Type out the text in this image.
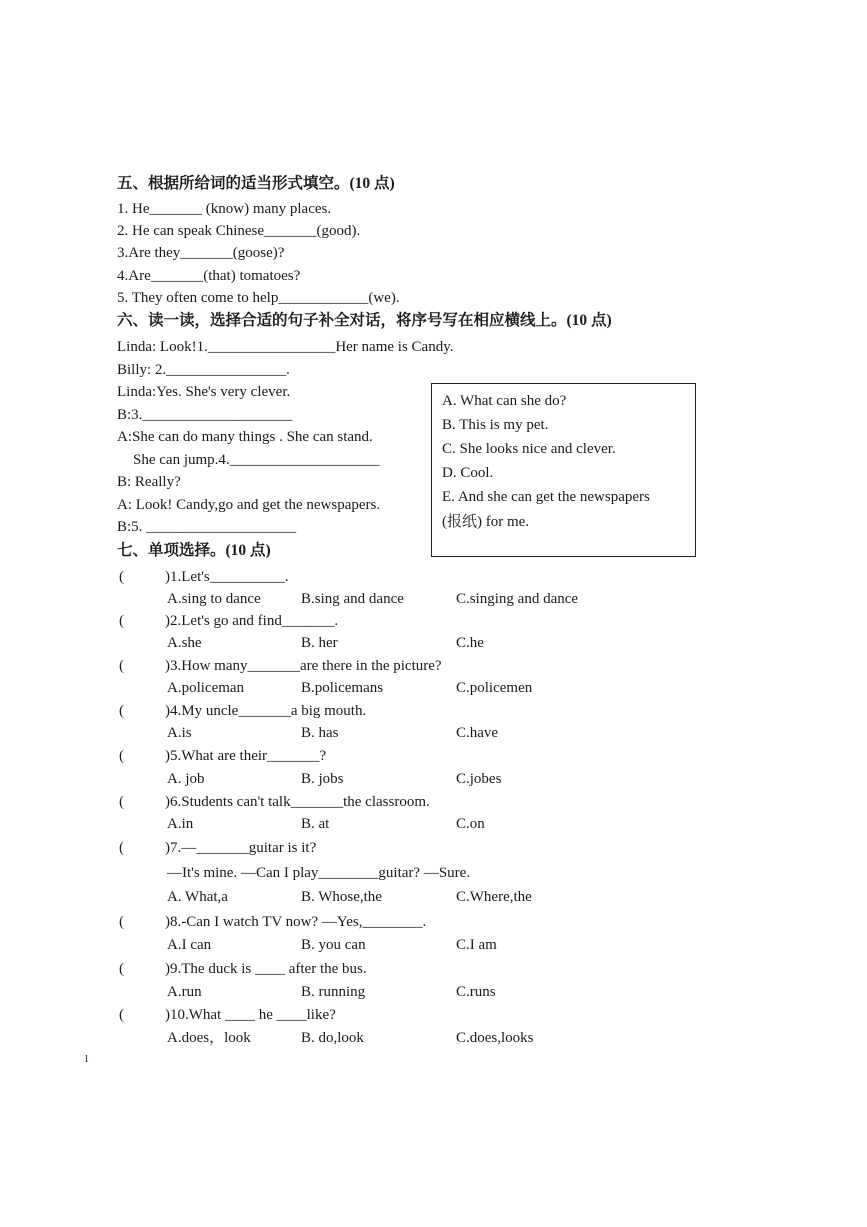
五、根据所给词的适当形式填空。(10 点)
1. He_______ (know) many places.
2. He can speak Chinese_______(good).
3.Are they_______(goose)?
4.Are_______(that) tomatoes?
5. They often come to help____________(we).
六、读一读，选择合适的句子补全对话，将序号写在相应横线上。(10 点)
Linda: Look!1._________________Her name is Candy.
Billy: 2.________________.
Linda:Yes. She's very clever.
B:3.____________________
A:She can do many things . She can stand.
She can jump.4.____________________
B: Really?
A: Look! Candy,go and get the newspapers.
B:5. ____________________
A. What can she do?
B. This is my pet.
C. She looks nice and clever.
D. Cool.
E. And she can get the newspapers
(报纸) for me.
七、单项选择。(10 点)
(	)1.Let's__________.
A.sing to dance	B.sing and dance	C.singing and dance
(	)2.Let's go and find_______.
A.she	B. her	C.he
(	)3.How many_______are there in the picture?
A.policeman	B.policemans	C.policemen
(	)4.My uncle_______a big mouth.
A.is	B. has	C.have
(	)5.What are their_______?
A. job	B. jobs	C.jobes
(	)6.Students can't talk_______the classroom.
A.in	B. at	C.on
(	)7.—_______guitar is it?
—It's mine. —Can I play________guitar? —Sure.
A. What,a	B. Whose,the	C.Where,the
(	)8.-Can I watch TV now? —Yes,________.
A.I can	B. you can	C.I am
(	)9.The duck is ____ after the bus.
A.run	B. running	C.runs
(	)10.What ____ he ____like?
A.does，look	B. do,look	C.does,looks
1
